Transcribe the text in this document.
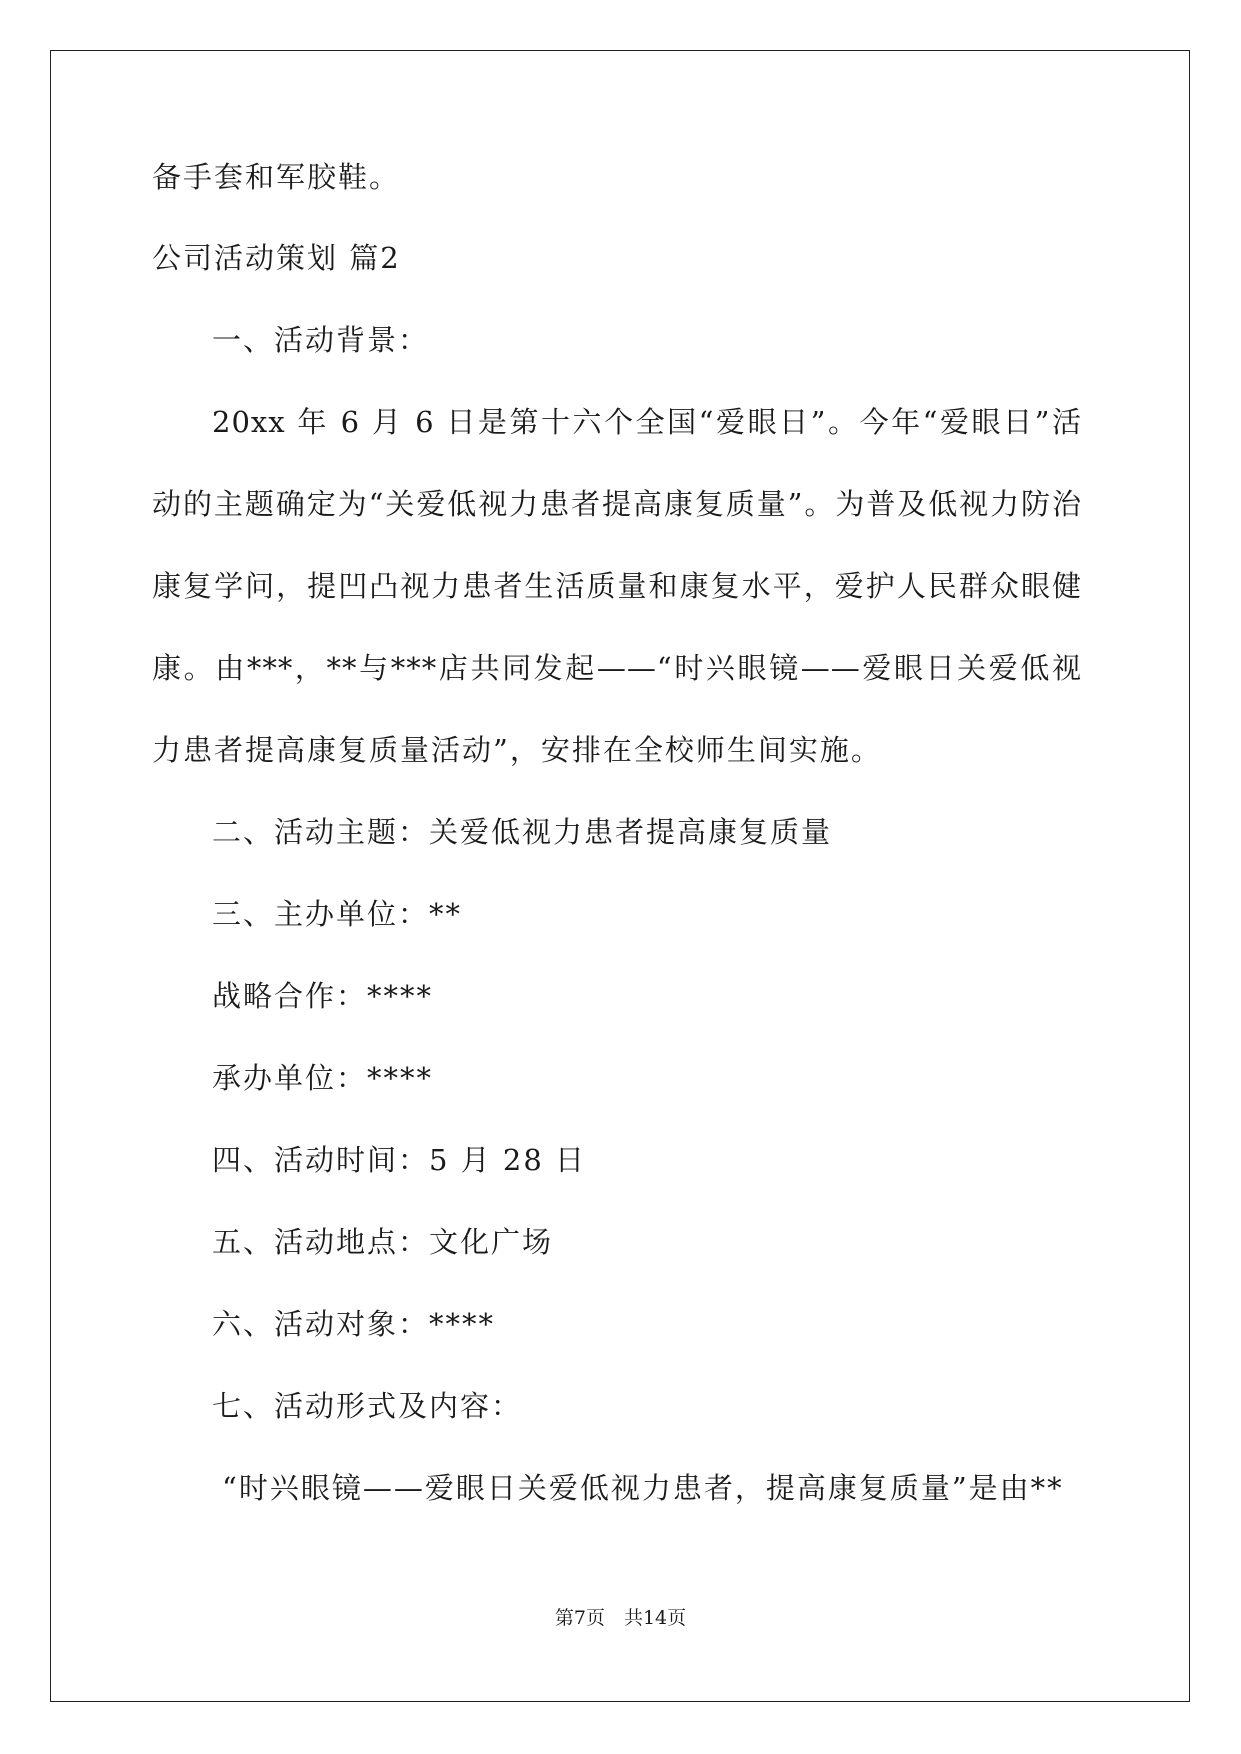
备手套和军胶鞋。
公司活动策划 篇2
一、活动背景：
20xx 年 6 月 6 日是第十六个全国“爱眼日”。今年“爱眼日”活
动的主题确定为“关爱低视力患者提高康复质量”。为普及低视力防治
康复学问，提凹凸视力患者生活质量和康复水平，爱护人民群众眼健
康。由***，**与***店共同发起——“时兴眼镜——爱眼日关爱低视
力患者提高康复质量活动”，安排在全校师生间实施。
二、活动主题：关爱低视力患者提高康复质量
三、主办单位：**
战略合作：****
承办单位：****
四、活动时间：5 月 28 日
五、活动地点：文化广场
六、活动对象：****
七、活动形式及内容：
“时兴眼镜——爱眼日关爱低视力患者，提高康复质量”是由**
第7页　共14页
